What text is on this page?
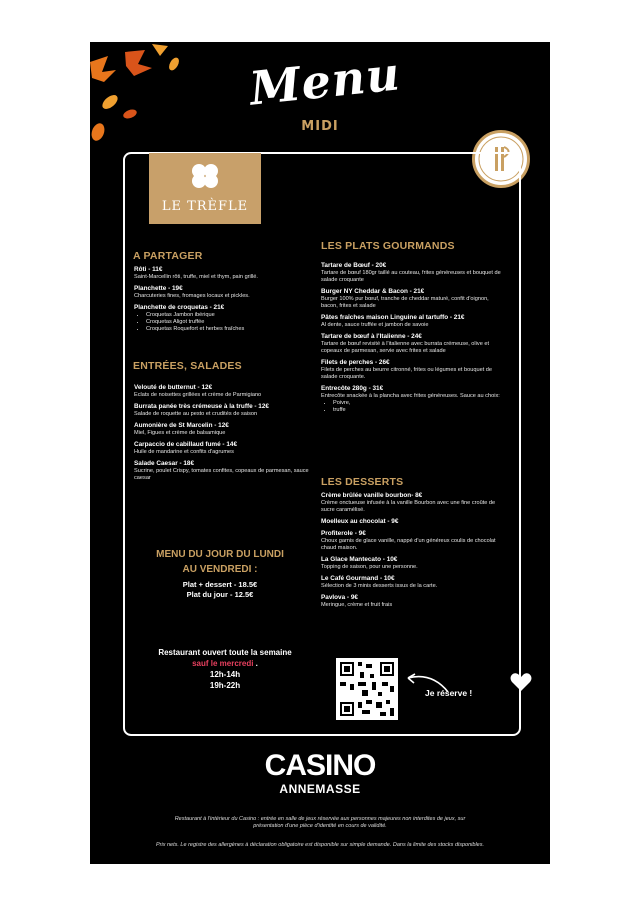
Menu
MIDI
LE TRÈFLE
A PARTAGER
Rôti - 11€
Saint-Marcellin rôti, truffe, miel et thym, pain grillé.
Planchette - 19€
Charcuteries fines, fromages locaux et pickles.
Planchette de croquetas - 21€
• Croquetas Jambon ibérique
• Croquetas Aligot truffée
• Croquetas Roquefort et herbes fraîches
ENTRÉES, SALADES
Velouté de butternut - 12€
Eclats de noisettes grillées et crème de Parmigiano
Burrata panée très crémeuse à la truffe - 12€
Salade de roquette au pesto et crudités de saison
Aumonière de St Marcelin - 12€
Miel, Figues et crème de balsamique
Carpaccio de cabillaud fumé - 14€
Huile de mandarine et confits d'agrumes
Salade Caesar - 18€
Sucrine, poulet Crispy, tomates confites, copeaux de parmesan, sauce caesar
LES PLATS GOURMANDS
Tartare de Bœuf - 20€
Tartare de bœuf 180gr taillé au couteau, frites généreuses et bouquet de salade croquante
Burger NY Cheddar & Bacon - 21€
Burger 100% pur bœuf, tranche de cheddar maturé, confit d'oignon, bacon, frites et salade
Pâtes fraîches maison Linguine al tartuffo - 21€
Al dente, sauce truffée et jambon de savoie
Tartare de bœuf à l'Italienne - 24€
Tartare de bœuf revisité à l'italienne avec burrata crémeuse, olive et copeaux de parmesan, servie avec frites et salade
Filets de perches - 26€
Filets de perches au beurre citronné, frites ou légumes et bouquet de salade croquante.
Entrecôte 280g - 31€
Entrecôte snackée à la plancha avec frites généreuses. Sauce au choix:
• Poivre,
• truffe
LES DESSERTS
Crème brûlée vanille bourbon- 8€
Crème onctueuse infusée à la vanille Bourbon avec une fine croûte de sucre caramélisé.
Moelleux au chocolat - 9€
Profiterole - 9€
Choux garnis de glace vanille, nappé d'un généreux coulis de chocolat chaud maison.
La Glace Mantecato - 10€
Topping de saison, pour une personne.
Le Café Gourmand - 10€
Sélection de 3 minis desserts issus de la carte.
Pavlova - 9€
Meringue, crème et fruit frais
MENU DU JOUR DU LUNDI
AU VENDREDI :
Plat + dessert - 18.5€
Plat du jour - 12.5€
Restaurant ouvert toute la semaine
sauf le mercredi .
12h-14h
19h-22h
Je réserve !
CASINO
ANNEMASSE
Restaurant à l'intérieur du Casino : entrée en salle de jeux réservée aux personnes majeures non interdites de jeux, sur
présentation d'une pièce d'identité en cours de validité.
Prix nets. Le registre des allergènes à déclaration obligatoire est disponible sur simple demande. Dans la limite des stocks disponibles.
